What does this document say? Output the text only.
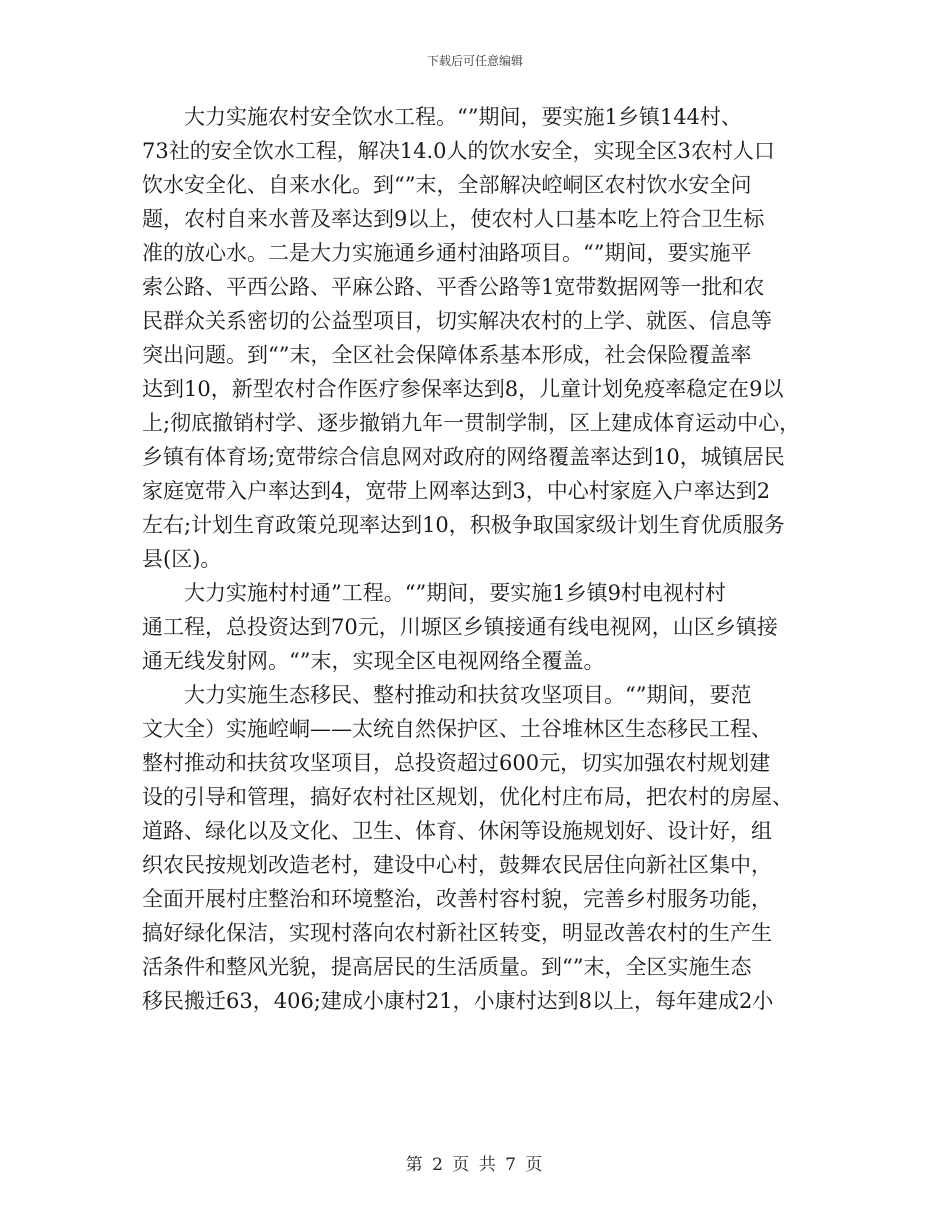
下载后可任意编辑
大力实施农村安全饮水工程。“”期间，要实施1乡镇144村、
73社的安全饮水工程，解决14.0人的饮水安全，实现全区3农村人口
饮水安全化、自来水化。到“”末，全部解决崆峒区农村饮水安全问
题，农村自来水普及率达到9以上，使农村人口基本吃上符合卫生标
准的放心水。二是大力实施通乡通村油路项目。“”期间，要实施平
索公路、平西公路、平麻公路、平香公路等1宽带数据网等一批和农
民群众关系密切的公益型项目，切实解决农村的上学、就医、信息等
突出问题。到“”末，全区社会保障体系基本形成，社会保险覆盖率
达到10，新型农村合作医疗参保率达到8，儿童计划免疫率稳定在9以
上;彻底撤销村学、逐步撤销九年一贯制学制，区上建成体育运动中心，
乡镇有体育场;宽带综合信息网对政府的网络覆盖率达到10，城镇居民
家庭宽带入户率达到4，宽带上网率达到3，中心村家庭入户率达到2
左右;计划生育政策兑现率达到10，积极争取国家级计划生育优质服务
县(区)。
大力实施村村通”工程。“”期间，要实施1乡镇9村电视村村
通工程，总投资达到70元，川塬区乡镇接通有线电视网，山区乡镇接
通无线发射网。“”末，实现全区电视网络全覆盖。
大力实施生态移民、整村推动和扶贫攻坚项目。“”期间，要范
文大全）实施崆峒——太统自然保护区、土谷堆林区生态移民工程、
整村推动和扶贫攻坚项目，总投资超过600元，切实加强农村规划建
设的引导和管理，搞好农村社区规划，优化村庄布局，把农村的房屋、
道路、绿化以及文化、卫生、体育、休闲等设施规划好、设计好，组
织农民按规划改造老村，建设中心村，鼓舞农民居住向新社区集中，
全面开展村庄整治和环境整治，改善村容村貌，完善乡村服务功能，
搞好绿化保洁，实现村落向农村新社区转变，明显改善农村的生产生
活条件和整风光貌，提高居民的生活质量。到“”末，全区实施生态
移民搬迁63，406;建成小康村21，小康村达到8以上，每年建成2小
第 2 页 共 7 页
